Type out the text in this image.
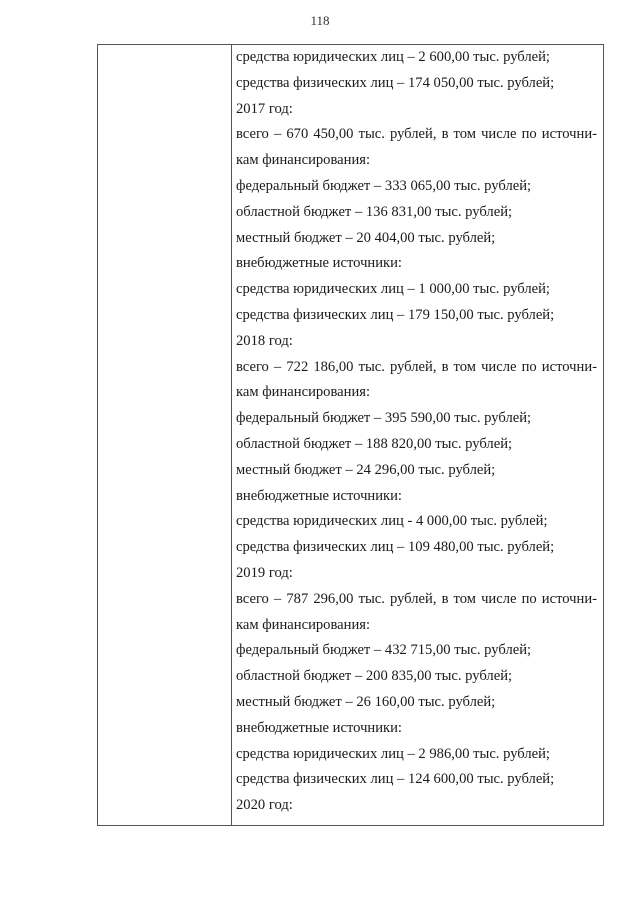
118
средства юридических лиц – 2 600,00 тыс. рублей;
средства физических лиц – 174 050,00 тыс. рублей;
2017 год:
всего – 670 450,00 тыс. рублей, в том числе по источни-
кам финансирования:
федеральный бюджет – 333 065,00 тыс. рублей;
областной бюджет – 136 831,00 тыс. рублей;
местный бюджет – 20 404,00 тыс. рублей;
внебюджетные источники:
средства юридических лиц – 1 000,00 тыс. рублей;
средства физических лиц – 179 150,00 тыс. рублей;
2018 год:
всего – 722 186,00 тыс. рублей, в том числе по источни-
кам финансирования:
федеральный бюджет – 395 590,00 тыс. рублей;
областной бюджет – 188 820,00 тыс. рублей;
местный бюджет – 24 296,00 тыс. рублей;
внебюджетные источники:
средства юридических лиц - 4 000,00 тыс. рублей;
средства физических лиц – 109 480,00 тыс. рублей;
2019 год:
всего – 787 296,00 тыс. рублей, в том числе по источни-
кам финансирования:
федеральный бюджет – 432 715,00 тыс. рублей;
областной бюджет – 200 835,00 тыс. рублей;
местный бюджет – 26 160,00 тыс. рублей;
внебюджетные источники:
средства юридических лиц – 2 986,00 тыс. рублей;
средства физических лиц – 124 600,00 тыс. рублей;
2020 год:
